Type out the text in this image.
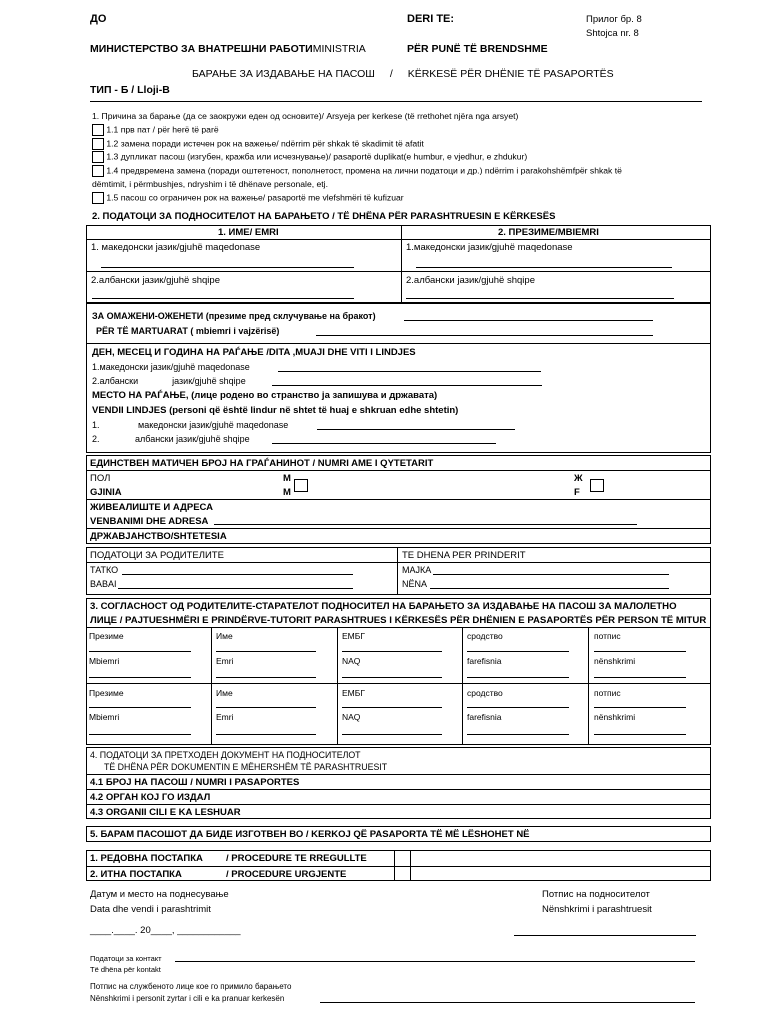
ДО	DERI TE:	Прилог бр. 8
Shtojca nr. 8
МИНИСТЕРСТВО ЗА ВНАТРЕШНИ РАБОТИMINISTRIA	PËR PUNË TË BRENDSHME
БАРАЊЕ ЗА ИЗДАВАЊЕ НА ПАСОШ / KËRKESË PËR DHËNIE TË PASAPORTËS
ТИП - Б / Lloji-B
1. Причина за барање (да се заокружи еден од основите)/ Arsyeja per kerkese (të rrethohet njëra nga arsyet)
1.1 прв пат / për herë të parë
1.2 замена поради истечен рок на важење/ ndërrim për shkak të skadimit të afatit
1.3 дупликат пасош (изгубен, кражба или исчезнување)/ pasaportë duplikat(e humbur, e vjedhur, e zhdukur)
1.4 предвремена замена (поради оштетеност, пополнетост, промена на лични податоци и др.) ndërrim i parakohshëmfpër shkak të
dëmtimit, i përmbushjes, ndryshim i të dhënave personale, etj.
1.5 пасош со ограничен рок на важење/ pasaportë me vlefshmëri të kufizuar
2. ПОДАТОЦИ ЗА ПОДНОСИТЕЛОТ НА БАРАЊЕТО / TË DHËNA PËR PARASHTRUESIN E KËRKESËS
1. ИМЕ/ EMRI	2. ПРЕЗИМЕ/MBIEMRI
1. македонски јазик/gjuhë maqedonase	1.македонски јазик/gjuhë maqedonase
2.албански јазик/gjuhë shqipe	2.албански јазик/gjuhë shqipe
ЗА ОМАЖЕНИ-ОЖЕНЕТИ (презиме пред склучување на бракот)
PËR TË MARTUARAT ( mbiemri i vajzërisë)
ДЕН, МЕСЕЦ И ГОДИНА НА РАЃАЊЕ /DITA ,MUAJI DHE VITI I LINDJES
1.македонски јазик/gjuhë maqedonase
2.албански	јазик/gjuhë shqipe
МЕСТО НА РАЃАЊЕ, (лице родено во странство ја запишува и државата)
VENDII LINDJES (personi që është lindur në shtet të huaj e shkruan edhe shtetin)
1.	македонски јазик/gjuhë maqedonase
2.	албански јазик/gjuhë shqipe
ЕДИНСТВЕН МАТИЧЕН БРОЈ НА ГРАЃАНИНОТ / NUMRI AME I QYTETARIT
ПОЛ
GJINIA
М
M
Ж
F
ЖИВЕАЛИШТЕ И АДРЕСА
VENBANIMI DHE ADRESA
ДРЖАВЈАНСТВО/SHTETESIA
ПОДАТОЦИ ЗА РОДИТЕЛИТЕ	TE DHENA PER PRINDERIT
ТАТКО
BABAI
МАЈКА
NËNA
3. СОГЛАСНОСТ ОД РОДИТЕЛИТЕ-СТАРАТЕЛОТ ПОДНОСИТЕЛ НА БАРАЊЕТО ЗА ИЗДАВАЊЕ НА ПАСОШ ЗА МАЛОЛЕТНО
ЛИЦЕ / PAJTUESHMËRI E PRINDËRVE-TUTORIT PARASHTRUES I KËRKESËS PËR DHËNIEN E PASAPORTËS PËR PERSON TË MITUR
Презиме	Име	ЕМБГ	сродство	потпис
Mbiemri	Emri	NAQ	farefisnia	nënshkrimi
Презиме	Име	ЕМБГ	сродство	потпис
Mbiemri	Emri	NAQ	farefisnia	nënshkrimi
4. ПОДАТОЦИ ЗА ПРЕТХОДЕН ДОКУМЕНТ НА ПОДНОСИТЕЛОТ
TË DHËNA PËR DOKUMENTIN E MËHERSHËM TË PARASHTRUESIT
4.1 БРОЈ НА ПАСОШ / NUMRI I PASAPORTES
4.2 ОРГАН КОЈ ГО ИЗДАЛ
4.3 ORGANII CILI E KA LESHUAR
5. БАРАМ ПАСОШОТ ДА БИДЕ ИЗГОТВЕН ВО / KERKOJ QË PASAPORTA TË MË LËSHOHET NË
1. РЕДОВНА ПОСТАПКА / PROCEDURE TE RREGULLTE
2. ИТНА ПОСТАПКА	/ PROCEDURE URGJENTE
Датум и место на поднесување
Data dhe vendi i parashtrimit
____.____. 20____, ____________
Потпис на подносителот
Nënshkrimi i parashtruesit
Податоци за контакт
Të dhëna për kontakt
Потпис на службеното лице кое го примило барањето
Nënshkrimi i personit zyrtar i cili e ka pranuar kerkesën
